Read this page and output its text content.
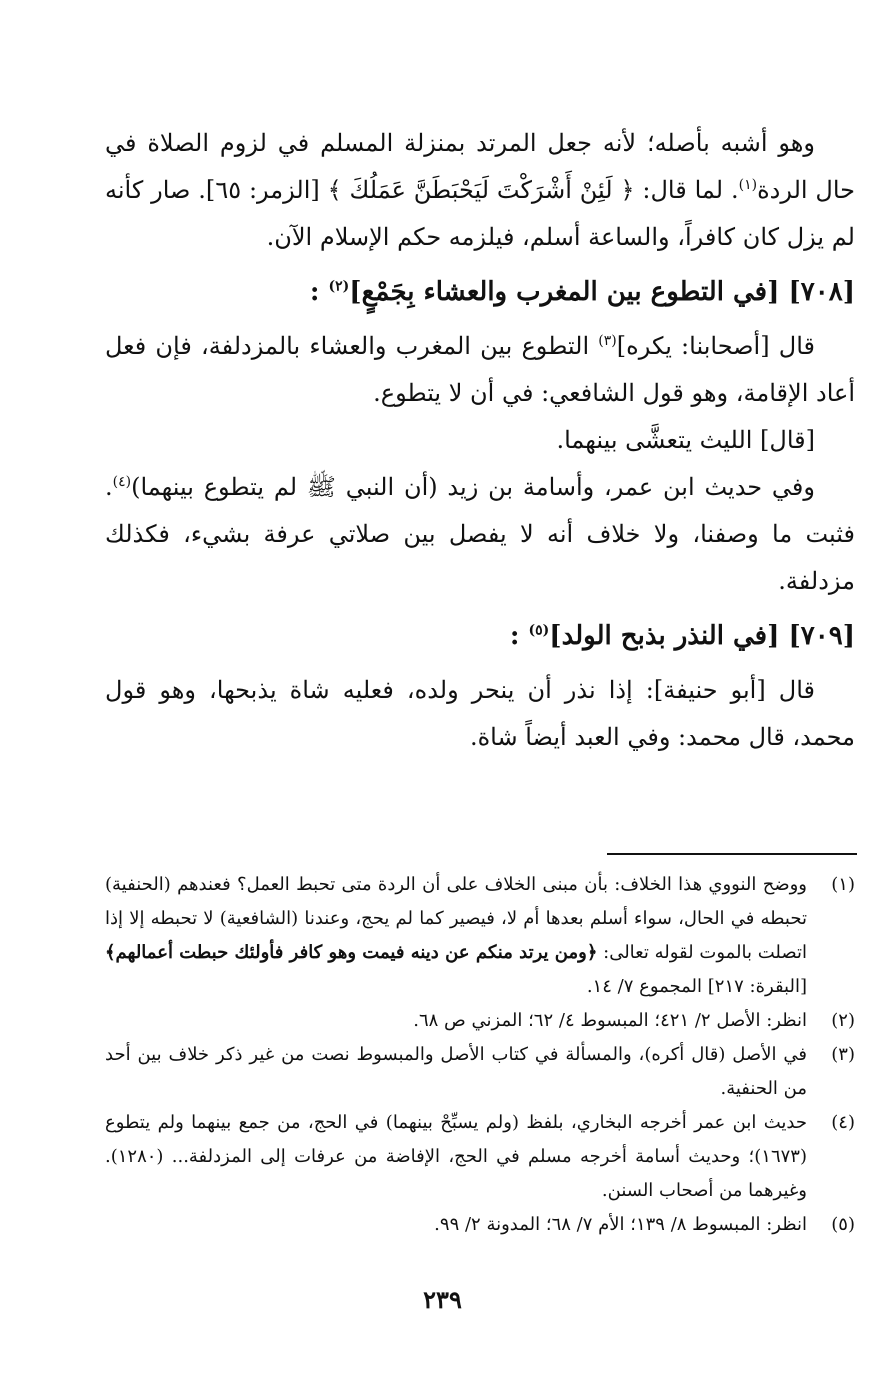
وهو أشبه بأصله؛ لأنه جعل المرتد بمنزلة المسلم في لزوم الصلاة في حال الردة$^{(١)}$. لما قال: ﴿ لَئِنْ أَشْرَكْتَ لَيَحْبَطَنَّ عَمَلُكَ ﴾ [الزمر: ٦٥]. صار كأنه لم يزل كان كافراً، والساعة أسلم، فيلزمه حكم الإسلام الآن.

[٧٠٨] [في التطوع بين المغرب والعشاء بِجَمْعٍ]$^{(٢)}$ :

قال [أصحابنا: يكره]$^{(٣)}$ التطوع بين المغرب والعشاء بالمزدلفة، فإن فعل أعاد الإقامة، وهو قول الشافعي: في أن لا يتطوع.

[قال] الليث يتعشَّى بينهما.

وفي حديث ابن عمر، وأسامة بن زيد (أن النبي ﷺ لم يتطوع بينهما)$^{(٤)}$. فثبت ما وصفنا، ولا خلاف أنه لا يفصل بين صلاتي عرفة بشيء، فكذلك مزدلفة.

[٧٠٩] [في النذر بذبح الولد]$^{(٥)}$ :

قال [أبو حنيفة]: إذا نذر أن ينحر ولده، فعليه شاة يذبحها، وهو قول محمد، قال محمد: وفي العبد أيضاً شاة.

(١)
ووضح النووي هذا الخلاف: بأن مبنى الخلاف على أن الردة متى تحبط العمل؟ فعندهم (الحنفية) تحبطه في الحال، سواء أسلم بعدها أم لا، فيصير كما لم يحج، وعندنا (الشافعية) لا تحبطه إلا إذا اتصلت بالموت لقوله تعالى: ﴿ومن يرتد منكم عن دينه فيمت وهو كافر فأولئك حبطت أعمالهم﴾ [البقرة: ٢١٧] المجموع ٧/ ١٤.
(٢)
انظر: الأصل ٢/ ٤٢١؛ المبسوط ٤/ ٦٢؛ المزني ص ٦٨.
(٣)
في الأصل (قال أكره)، والمسألة في كتاب الأصل والمبسوط نصت من غير ذكر خلاف بين أحد من الحنفية.
(٤)
حديث ابن عمر أخرجه البخاري، بلفظ (ولم يسبِّحْ بينهما) في الحج، من جمع بينهما ولم يتطوع (١٦٧٣)؛ وحديث أسامة أخرجه مسلم في الحج، الإفاضة من عرفات إلى المزدلفة... (١٢٨٠). وغيرهما من أصحاب السنن.
(٥)
انظر: المبسوط ٨/ ١٣٩؛ الأم ٧/ ٦٨؛ المدونة ٢/ ٩٩.
٢٣٩
